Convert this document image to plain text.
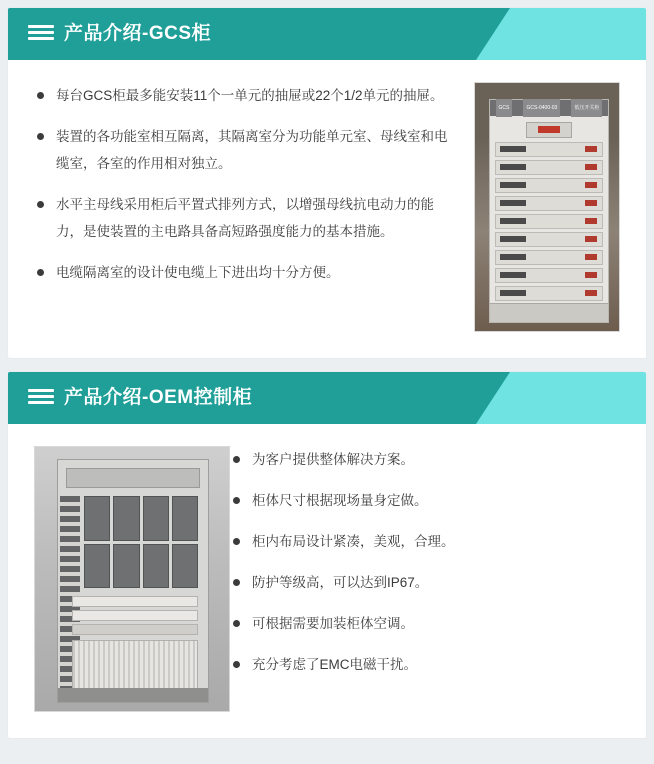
产品介绍-GCS柜
每台GCS柜最多能安装11个一单元的抽屉或22个1/2单元的抽屉。
装置的各功能室相互隔离，其隔离室分为功能单元室、母线室和电缆室，各室的作用相对独立。
水平主母线采用柜后平置式排列方式，以增强母线抗电动力的能力，是使装置的主电路具备高短路强度能力的基本措施。
电缆隔离室的设计使电缆上下进出均十分方便。
GCS	GCS-0400-03	低压开关柜
产品介绍-OEM控制柜
为客户提供整体解决方案。
柜体尺寸根据现场量身定做。
柜内布局设计紧凑，美观，合理。
防护等级高，可以达到IP67。
可根据需要加装柜体空调。
充分考虑了EMC电磁干扰。
